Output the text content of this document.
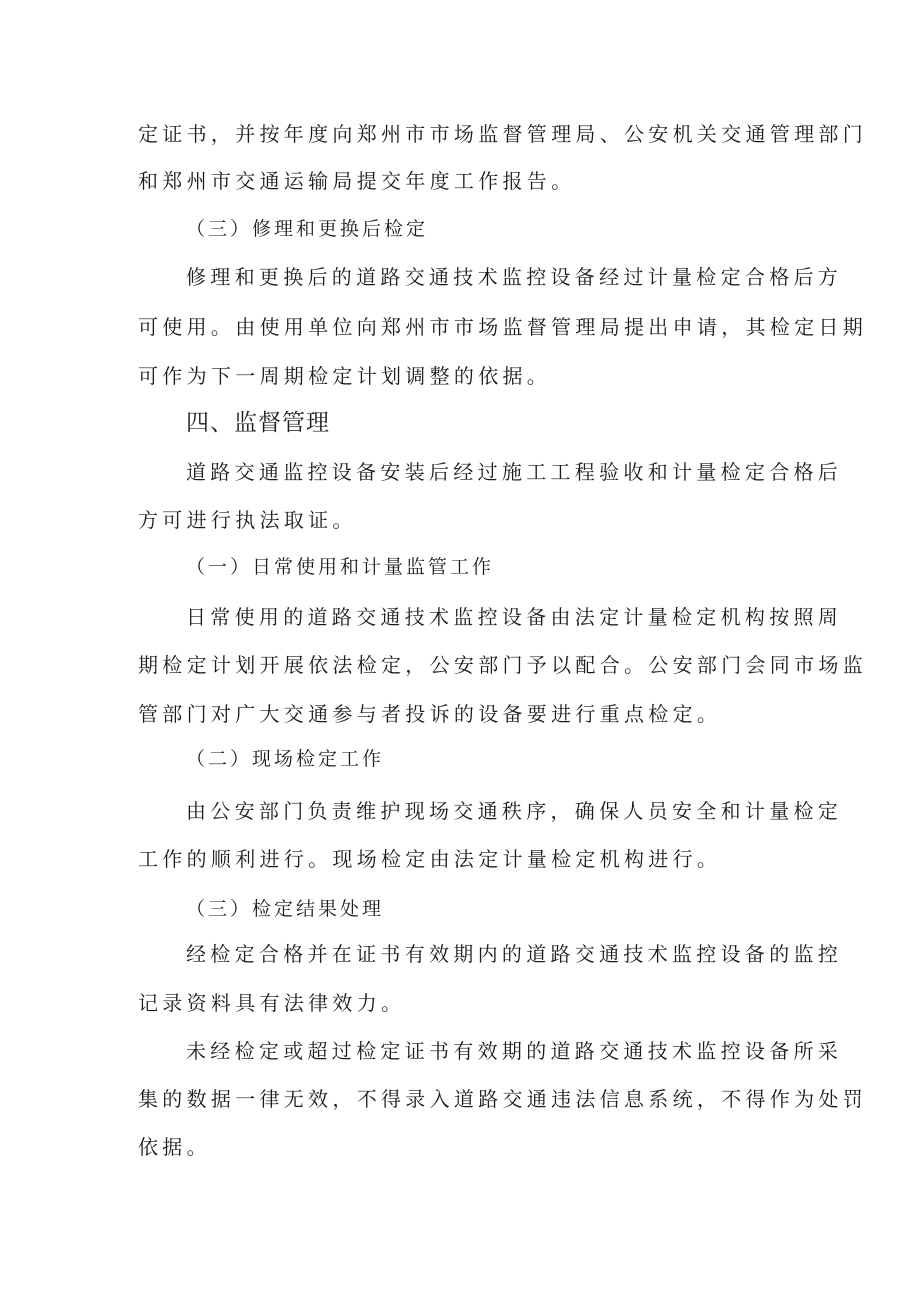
定证书，并按年度向郑州市市场监督管理局、公安机关交通管理部门
和郑州市交通运输局提交年度工作报告。
（三）修理和更换后检定
修理和更换后的道路交通技术监控设备经过计量检定合格后方
可使用。由使用单位向郑州市市场监督管理局提出申请，其检定日期
可作为下一周期检定计划调整的依据。
四、监督管理
道路交通监控设备安装后经过施工工程验收和计量检定合格后
方可进行执法取证。
（一）日常使用和计量监管工作
日常使用的道路交通技术监控设备由法定计量检定机构按照周
期检定计划开展依法检定，公安部门予以配合。公安部门会同市场监
管部门对广大交通参与者投诉的设备要进行重点检定。
（二）现场检定工作
由公安部门负责维护现场交通秩序，确保人员安全和计量检定
工作的顺利进行。现场检定由法定计量检定机构进行。
（三）检定结果处理
经检定合格并在证书有效期内的道路交通技术监控设备的监控
记录资料具有法律效力。
未经检定或超过检定证书有效期的道路交通技术监控设备所采
集的数据一律无效，不得录入道路交通违法信息系统，不得作为处罚
依据。
